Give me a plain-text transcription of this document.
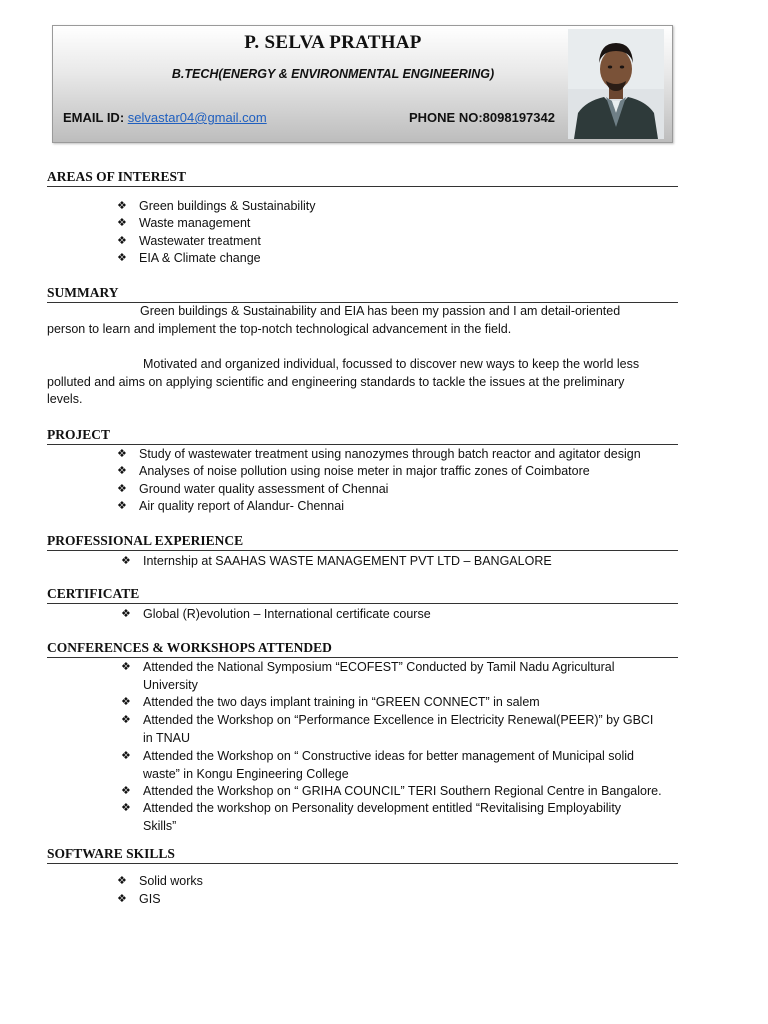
P. SELVA PRATHAP
B.TECH(ENERGY & ENVIRONMENTAL ENGINEERING)
EMAIL ID: selvastar04@gmail.com	PHONE NO:8098197342
AREAS OF INTEREST
❖ Green buildings & Sustainability
❖ Waste management
❖ Wastewater treatment
❖ EIA & Climate change
SUMMARY
Green buildings & Sustainability and EIA has been my passion and I am detail-oriented
person to learn and implement the top-notch technological advancement in the field.
Motivated and organized individual, focussed to discover new ways to keep the world less
polluted and aims on applying scientific and engineering standards to tackle the issues at the preliminary
levels.
PROJECT
❖ Study of wastewater treatment using nanozymes through batch reactor and agitator design
❖ Analyses of noise pollution using noise meter in major traffic zones of Coimbatore
❖ Ground water quality assessment of Chennai
❖ Air quality report of Alandur- Chennai
PROFESSIONAL EXPERIENCE
❖ Internship at SAAHAS WASTE MANAGEMENT PVT LTD – BANGALORE
CERTIFICATE
❖ Global (R)evolution – International certificate course
CONFERENCES & WORKSHOPS ATTENDED
❖ Attended the National Symposium “ECOFEST” Conducted by Tamil Nadu Agricultural
University
❖ Attended the two days implant training in “GREEN CONNECT” in salem
❖ Attended the Workshop on “Performance Excellence in Electricity Renewal(PEER)” by GBCI
in TNAU
❖ Attended the Workshop on “ Constructive ideas for better management of Municipal solid
waste” in Kongu Engineering College
❖ Attended the Workshop on “ GRIHA COUNCIL” TERI Southern Regional Centre in Bangalore.
❖ Attended the workshop on Personality development entitled “Revitalising Employability
Skills”
SOFTWARE SKILLS
❖ Solid works
❖ GIS
